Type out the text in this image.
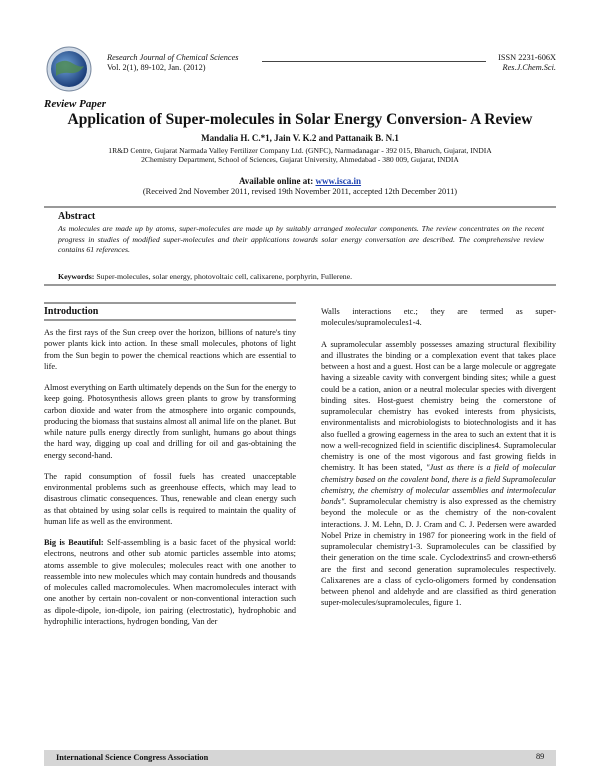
Research Journal of Chemical Sciences
Vol. 2(1), 89-102, Jan. (2012)
ISSN 2231-606X
Res.J.Chem.Sci.
Review Paper
Application of Super-molecules in Solar Energy Conversion- A Review
Mandalia H. C.*1, Jain V. K.2 and Pattanaik B. N.1
1R&D Centre, Gujarat Narmada Valley Fertilizer Company Ltd. (GNFC), Narmadanagar - 392 015, Bharuch, Gujarat, INDIA
2Chemistry Department, School of Sciences, Gujarat University, Ahmedabad - 380 009, Gujarat, INDIA
Available online at: www.isca.in
(Received 2nd November 2011, revised 19th November 2011, accepted 12th December 2011)
Abstract
As molecules are made up by atoms, super-molecules are made up by suitably arranged molecular components. The review concentrates on the recent progress in studies of modified super-molecules and their applications towards solar energy conversation are described. The comprehensive review contains 61 references.
Keywords: Super-molecules, solar energy, photovoltaic cell, calixarene, porphyrin, Fullerene.
Introduction

As the first rays of the Sun creep over the horizon, billions of nature's tiny power plants kick into action. In these small molecules, photons of light from the Sun begin to power the chemical reactions which are essential to life.

Almost everything on Earth ultimately depends on the Sun for the energy to keep going. Photosynthesis allows green plants to grow by transforming carbon dioxide and water from the atmosphere into organic compounds, producing the biomass that sustains almost all animal life on the planet. But while nature pulls energy directly from sunlight, humans go about things the hard way, digging up coal and drilling for oil and gas-obtaining the energy second-hand.

The rapid consumption of fossil fuels has created unacceptable environmental problems such as greenhouse effects, which may lead to disastrous climatic consequences. Thus, renewable and clean energy such as that obtained by using solar cells is required to maintain the quality of human life as well as the environment.

Big is Beautiful: Self-assembling is a basic facet of the physical world: electrons, neutrons and other sub atomic particles assemble into atoms; atoms assemble to give molecules; molecules react with one another to reassemble into new molecules which may contain hundreds and thousands of molecules called macromolecules. When macromolecules interact with one another by certain non-covalent or non-conventional interaction such as dipole-dipole, ion-dipole, ion pairing (electrostatic), hydrophobic and hydrophilic interactions, hydrogen bonding, Van der

Walls interactions etc.; they are termed as super-molecules/supramolecules1-4.

A supramolecular assembly possesses amazing structural flexibility and illustrates the binding or a complexation event that takes place between a host and a guest. Host can be a large molecule or aggregate having a sizeable cavity with convergent binding sites; while a guest could be a cation, anion or a neutral molecular species with divergent binding sites. Host-guest chemistry being the cornerstone of supramolecular chemistry has evoked interests from physicists, environmentalists and microbiologists to biotechnologists and it has also fuelled a growing eagerness in the area to such an extent that it is now a well-recognized field in scientific disciplines4. Supramolecular chemistry is one of the most vigorous and fast growing fields in chemistry. It has been stated, "Just as there is a field of molecular chemistry based on the covalent bond, there is a field Supramolecular chemistry, the chemistry of molecular assemblies and intermolecular bonds". Supramolecular chemistry is also expressed as the chemistry beyond the molecule or as the chemistry of the non-covalent interactions. J. M. Lehn, D. J. Cram and C. J. Pedersen were awarded Nobel Prize in chemistry in 1987 for pioneering work in the field of supramolecular chemistry1-3. Supramolecules can be classified by their generation on the time scale. Cyclodextrins5 and crown-ethers6 are the first and second generation supramolecules respectively. Calixarenes are a class of cyclo-oligomers formed by condensation between phenol and aldehyde and are classified as third generation super-molecules/supramolecules, figure 1.

International Science Congress Association	89
